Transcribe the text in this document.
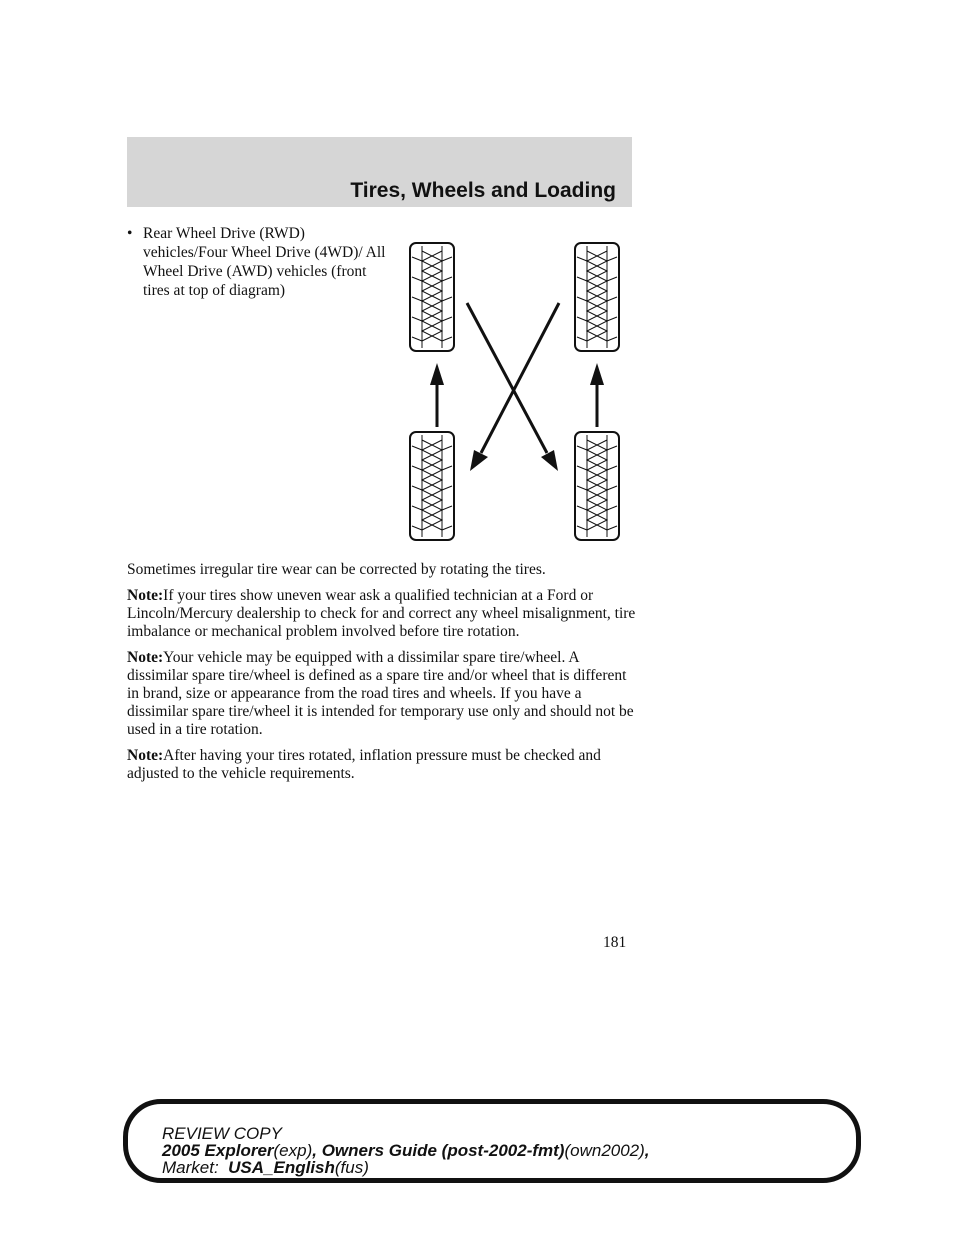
Tires, Wheels and Loading
• Rear Wheel Drive (RWD) vehicles/Four Wheel Drive (4WD)/ All Wheel Drive (AWD) vehicles (front tires at top of diagram)

Sometimes irregular tire wear can be corrected by rotating the tires.

Note:If your tires show uneven wear ask a qualified technician at a Ford or Lincoln/Mercury dealership to check for and correct any wheel misalignment, tire imbalance or mechanical problem involved before tire rotation.

Note:Your vehicle may be equipped with a dissimilar spare tire/wheel. A dissimilar spare tire/wheel is defined as a spare tire and/or wheel that is different in brand, size or appearance from the road tires and wheels. If you have a dissimilar spare tire/wheel it is intended for temporary use only and should not be used in a tire rotation.

Note:After having your tires rotated, inflation pressure must be checked and adjusted to the vehicle requirements.

181
REVIEW COPY
2005 Explorer(exp), Owners Guide (post-2002-fmt)(own2002),
Market: USA_English(fus)
